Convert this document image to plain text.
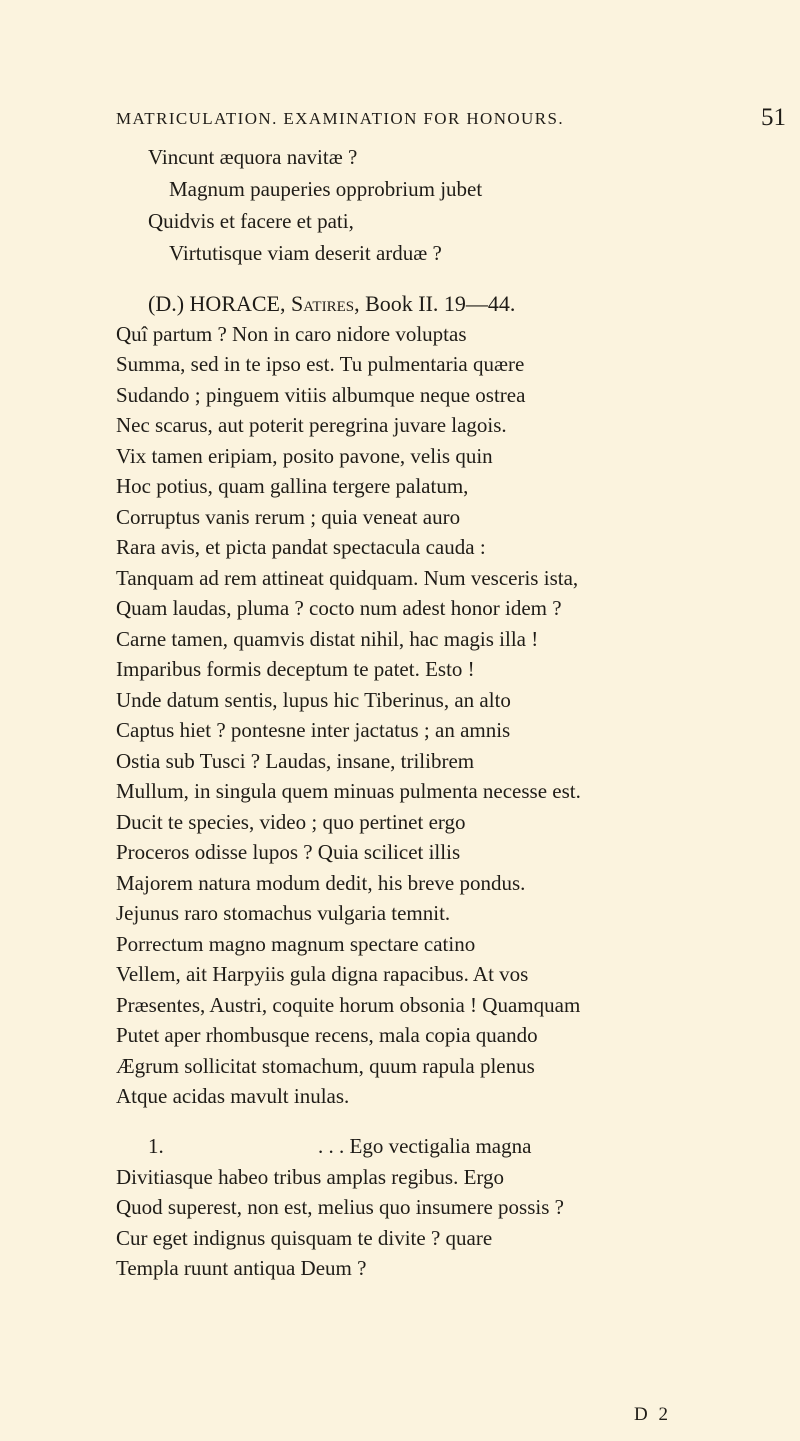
MATRICULATION. EXAMINATION FOR HONOURS.	51
Vincunt æquora navitæ ?
Magnum pauperies opprobrium jubet
Quidvis et facere et pati,
Virtutisque viam deserit arduæ ?
(D.) HORACE, Satires, Book II. 19—44.
Quî partum ? Non in caro nidore voluptas
Summa, sed in te ipso est. Tu pulmentaria quære
Sudando ; pinguem vitiis albumque neque ostrea
Nec scarus, aut poterit peregrina juvare lagois.
Vix tamen eripiam, posito pavone, velis quin
Hoc potius, quam gallina tergere palatum,
Corruptus vanis rerum ; quia veneat auro
Rara avis, et picta pandat spectacula cauda :
Tanquam ad rem attineat quidquam. Num vesceris ista,
Quam laudas, pluma ? cocto num adest honor idem ?
Carne tamen, quamvis distat nihil, hac magis illa !
Imparibus formis deceptum te patet. Esto !
Unde datum sentis, lupus hic Tiberinus, an alto
Captus hiet ? pontesne inter jactatus ; an amnis
Ostia sub Tusci ? Laudas, insane, trilibrem
Mullum, in singula quem minuas pulmenta necesse est.
Ducit te species, video ; quo pertinet ergo
Proceros odisse lupos ? Quia scilicet illis
Majorem natura modum dedit, his breve pondus.
Jejunus raro stomachus vulgaria temnit.
Porrectum magno magnum spectare catino
Vellem, ait Harpyiis gula digna rapacibus. At vos
Præsentes, Austri, coquite horum obsonia ! Quamquam
Putet aper rhombusque recens, mala copia quando
Ægrum sollicitat stomachum, quum rapula plenus
Atque acidas mavult inulas.
1.	. . . Ego vectigalia magna
Divitiasque habeo tribus amplas regibus. Ergo
Quod superest, non est, melius quo insumere possis ?
Cur eget indignus quisquam te divite ? quare
Templa ruunt antiqua Deum ?
D 2
